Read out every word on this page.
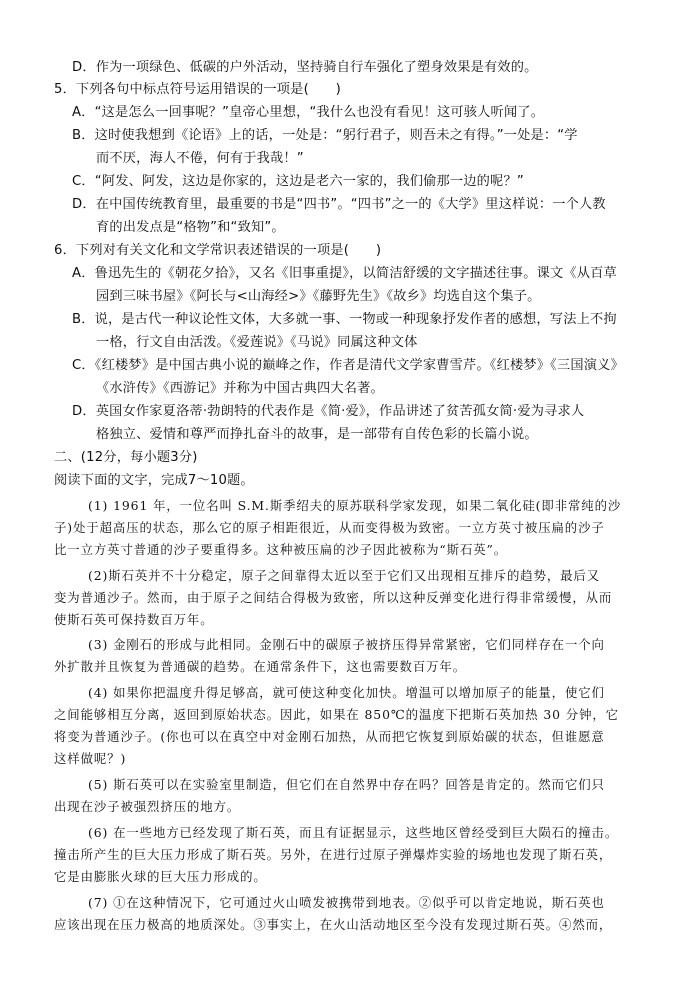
D．作为一项绿色、低碳的户外活动，坚持骑自行车强化了塑身效果是有效的。
5．下列各句中标点符号运用错误的一项是(　　)
A．“这是怎么一回事呢？”皇帝心里想，“我什么也没有看见！这可骇人听闻了。
B．这时使我想到《论语》上的话，一处是：“躬行君子，则吾未之有得。”一处是：“学
而不厌，海人不倦，何有于我哉！”
C．“阿发、阿发，这边是你家的，这边是老六一家的，我们偷那一边的呢？”
D．在中国传统教育里，最重要的书是“四书”。“四书”之一的《大学》里这样说：一个人教
育的出发点是“格物”和“致知”。
6．下列对有关文化和文学常识表述错误的一项是(　　)
A．鲁迅先生的《朝花夕拾》，又名《旧事重提》，以简洁舒缓的文字描述往事。课文《从百草
园到三味书屋》《阿长与<山海经>》《藤野先生》《故乡》均选自这个集子。
B．说，是古代一种议论性文体，大多就一事、一物或一种现象抒发作者的感想，写法上不拘
一格，行文自由活泼。《爱莲说》《马说》同属这种文体
C．《红楼梦》是中国古典小说的巅峰之作，作者是清代文学家曹雪芹。《红楼梦》《三国演义》
《水浒传》《西游记》并称为中国古典四大名著。
D．英国女作家夏洛蒂·勃朗特的代表作是《简·爱》，作品讲述了贫苦孤女简·爱为寻求人
格独立、爱情和尊严而挣扎奋斗的故事，是一部带有自传色彩的长篇小说。
二、(12分，每小题3分)
阅读下面的文字，完成7～10题。
(1) 1961 年，一位名叫 S.M.斯季绍夫的原苏联科学家发现，如果二氧化硅(即非常纯的沙
子)处于超高压的状态，那么它的原子相距很近，从而变得极为致密。一立方英寸被压扁的沙子
比一立方英寸普通的沙子要重得多。这种被压扁的沙子因此被称为“斯石英”。
(2)斯石英并不十分稳定，原子之间靠得太近以至于它们又出现相互排斥的趋势，最后又
变为普通沙子。然而，由于原子之间结合得极为致密，所以这种反弹变化进行得非常缓慢，从而
使斯石英可保持数百万年。
(3) 金刚石的形成与此相同。金刚石中的碳原子被挤压得异常紧密，它们同样存在一个向
外扩散并且恢复为普通碳的趋势。在通常条件下，这也需要数百万年。
(4) 如果你把温度升得足够高，就可使这种变化加快。增温可以增加原子的能量，使它们
之间能够相互分离，返回到原始状态。因此，如果在 850℃的温度下把斯石英加热 30 分钟，它
将变为普通沙子。(你也可以在真空中对金刚石加热，从而把它恢复到原始碳的状态，但谁愿意
这样做呢？)
(5) 斯石英可以在实验室里制造，但它们在自然界中存在吗？回答是肯定的。然而它们只
出现在沙子被强烈挤压的地方。
(6) 在一些地方已经发现了斯石英，而且有证据显示，这些地区曾经受到巨大陨石的撞击。
撞击所产生的巨大压力形成了斯石英。另外，在进行过原子弹爆炸实验的场地也发现了斯石英，
它是由膨胀火球的巨大压力形成的。
(7) ①在这种情况下，它可通过火山喷发被携带到地表。②似乎可以肯定地说，斯石英也
应该出现在压力极高的地质深处。③事实上，在火山活动地区至今没有发现过斯石英。④然而，
